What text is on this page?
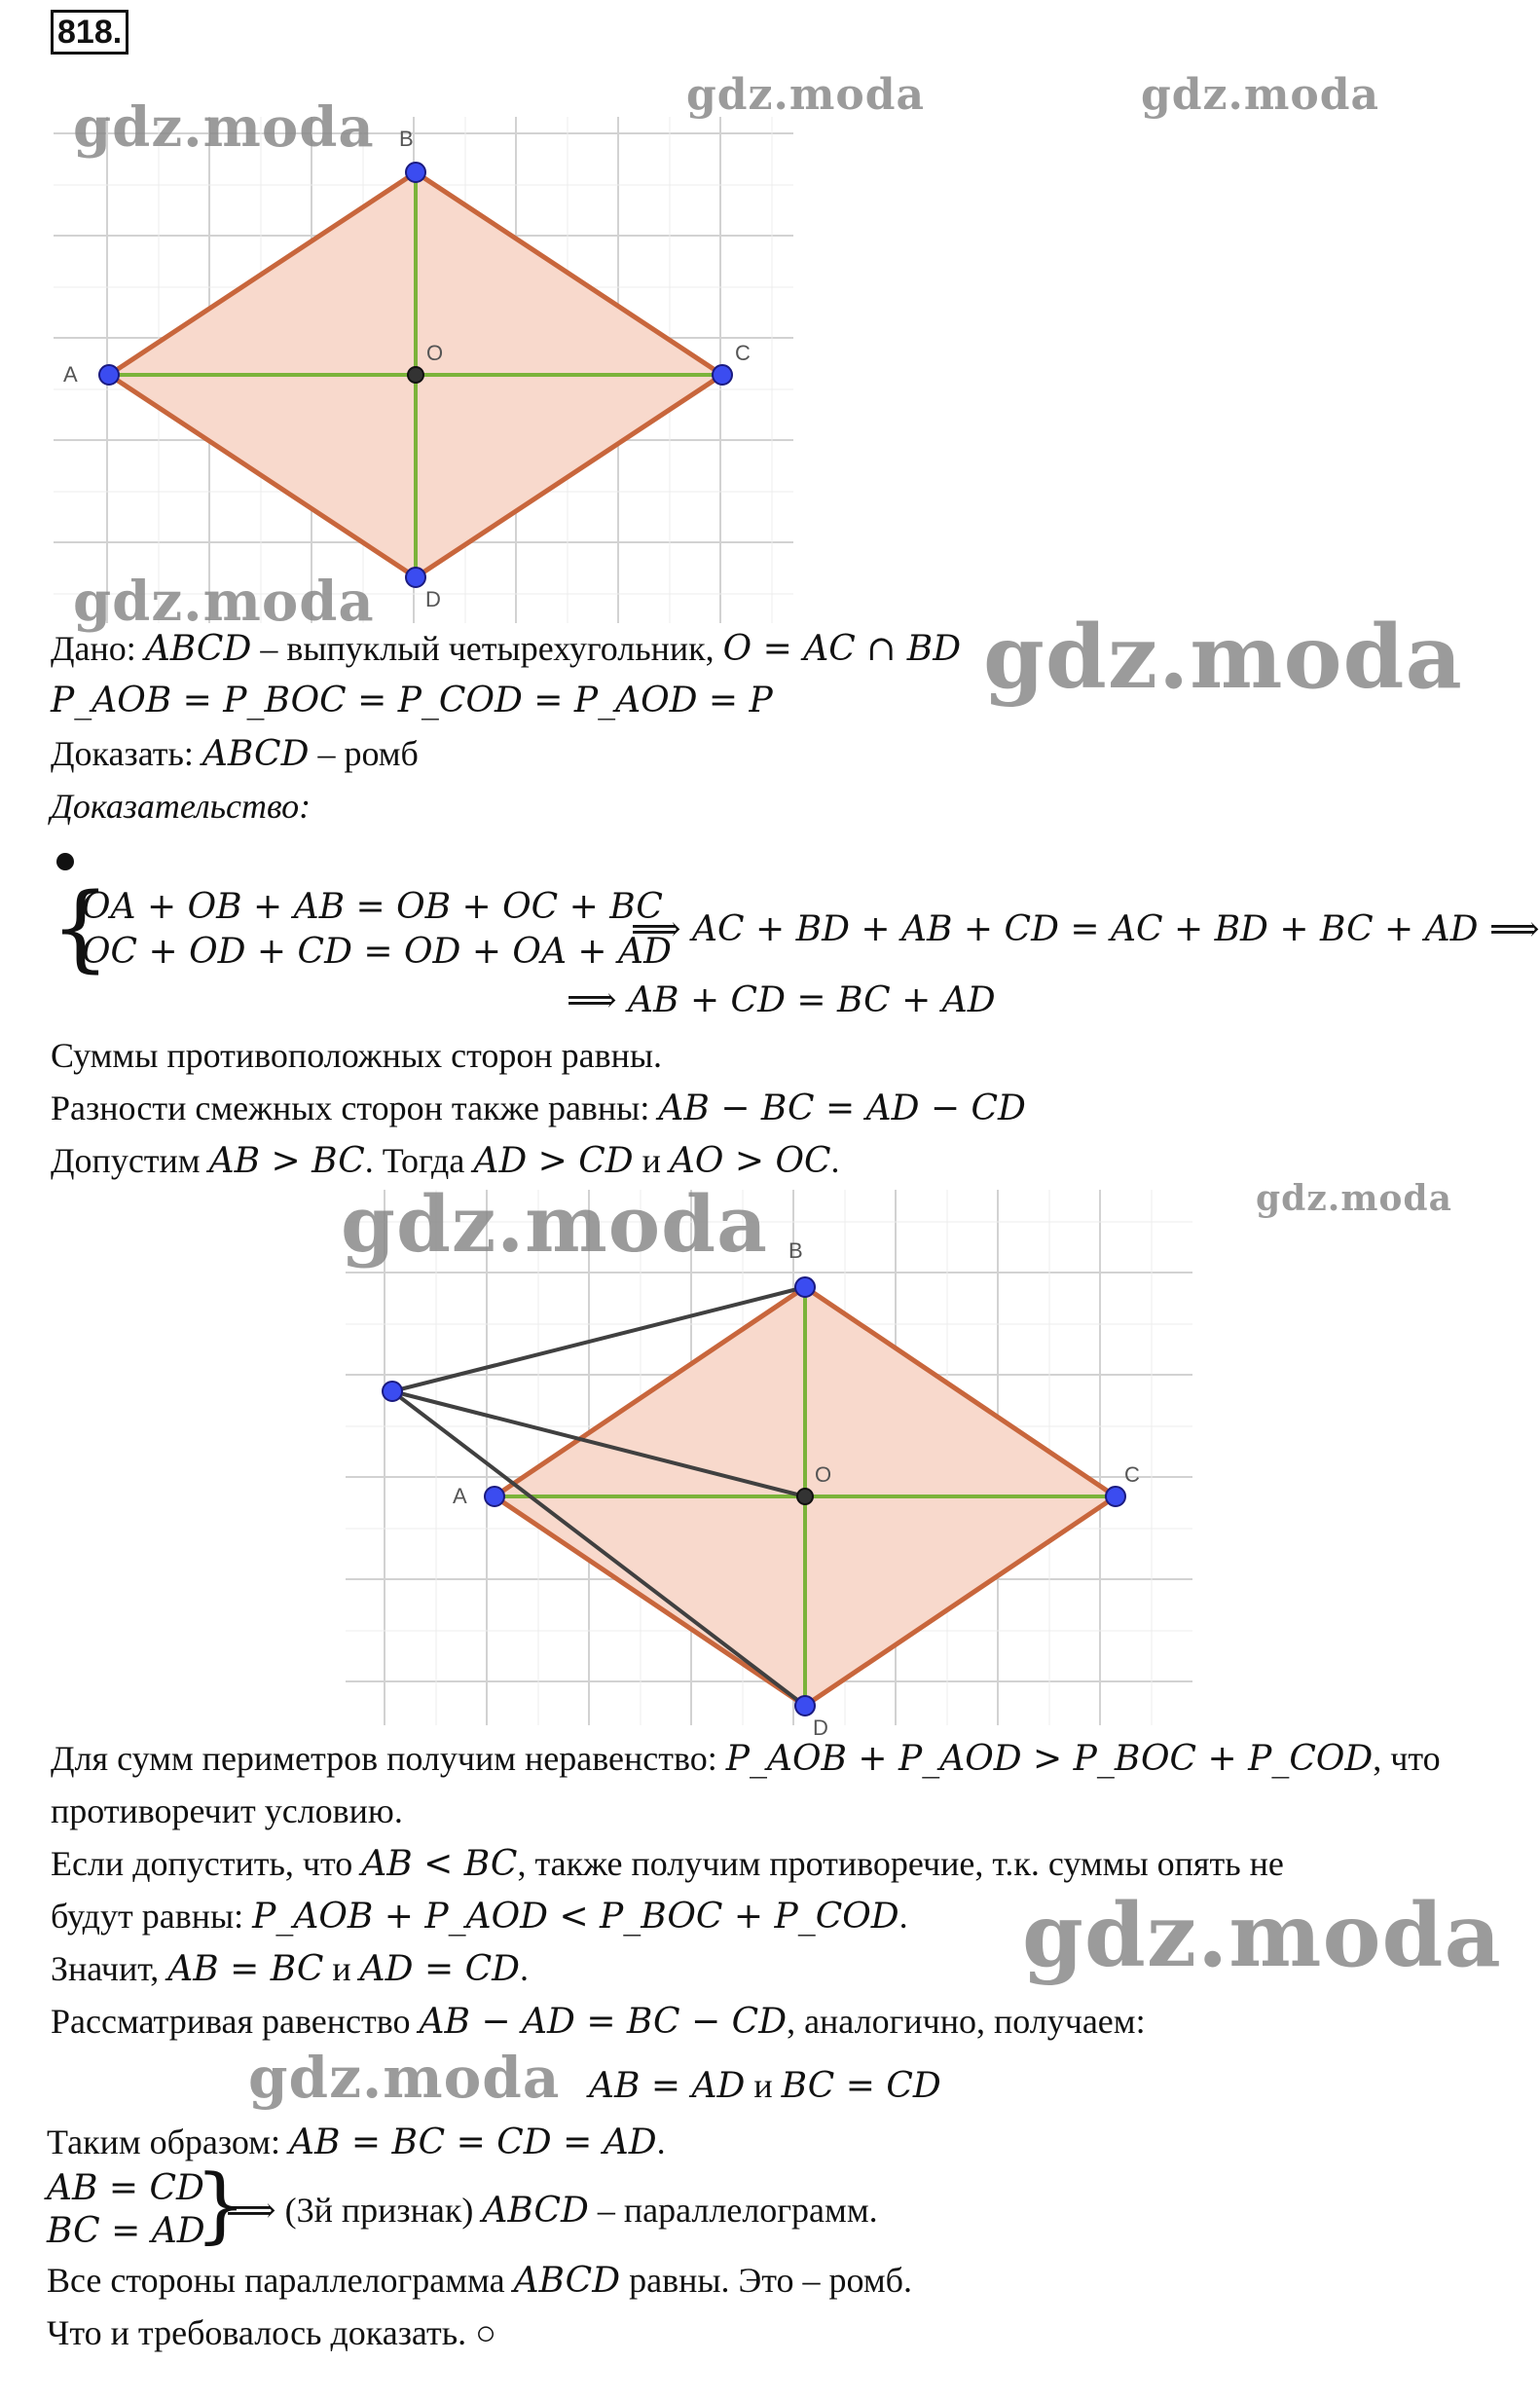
818.
A
B
C
D
O
gdz.moda
gdz.moda	gdz.moda
gdz.moda
Дано: ABCD – выпуклый четырехугольник, O = AC ∩ BD gdz.moda
P_AOB = P_BOC = P_COD = P_AOD = P
Доказать: ABCD – ромб
Доказательство:
{
OA + OB + AB = OB + OC + BC
OC + OD + CD = OD + OA + AD
⟹ AC + BD + AB + CD = AC + BD + BC + AD ⟹
⟹ AB + CD = BC + AD
Суммы противоположных сторон равны.
Разности смежных сторон также равны: AB − BC = AD − CD
Допустим AB > BC. Тогда AD > CD и AO > OC.
A
B
C
D
O
gdz.moda	gdz.moda
Для сумм периметров получим неравенство: P_AOB + P_AOD > P_BOC + P_COD, что
противоречит условию.
Если допустить, что AB < BC, также получим противоречие, т.к. суммы опять не
будут равны: P_AOB + P_AOD < P_BOC + P_COD. gdz.moda
Значит, AB = BC и AD = CD.
Рассматривая равенство AB − AD = BC − CD, аналогично, получаем:
gdz.moda AB = AD и BC = CD
Таким образом: AB = BC = CD = AD.
AB = CD
BC = AD
}
⟹ (3й признак) ABCD – параллелограмм.
Все стороны параллелограмма ABCD равны. Это – ромб.
Что и требовалось доказать. ○
